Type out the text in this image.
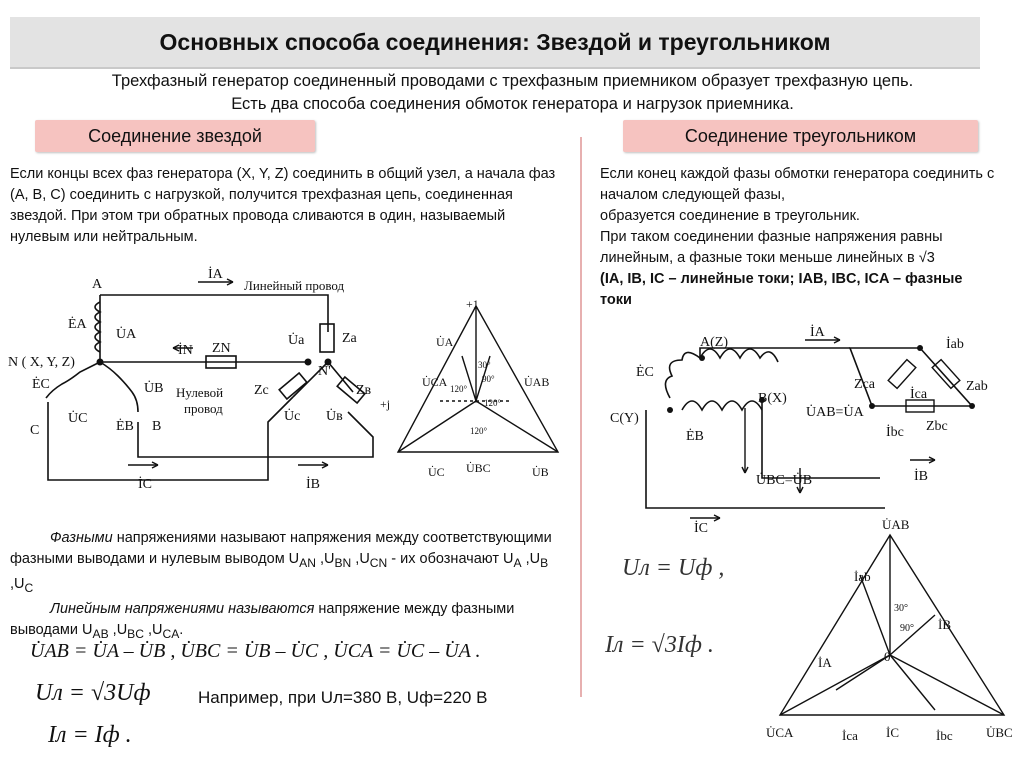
Основных способа соединения: Звездой и треугольником
Трехфазный генератор соединенный проводами с трехфазным приемником образует трехфазную цепь.
Есть два способа соединения обмоток генератора и нагрузок приемника.
Соединение звездой	Соединение треугольником
Если концы всех фаз генератора (X, Y, Z) соединить в общий узел, а начала фаз (A, B, C) соединить с нагрузкой, получится трехфазная цепь, соединенная звездой. При этом три обратных провода сливаются в один, называемый нулевым или нейтральным.
Если конец каждой фазы обмотки генератора соединить с началом следующей фазы,
образуется соединение в треугольник.
При таком соединении фазные напряжения равны линейным, а фазные токи меньше линейных в √3
(IA, IB, IC – линейные токи; IAB, IBC, ICA – фазные токи
A
İA
Линейный провод
N ( X, Y, Z)
N'
İN ZN
Нулевой
провод
ĖA
U̇A
ĖC	U̇B
U̇C
ĖB
C	B
Za
U̇a
Zc	Zв
U̇c U̇в
İC	İB
+1
+j
U̇A
U̇CA	U̇AB
U̇BC
U̇C	U̇B
30°
90°
120°
120°
120°

Фазными напряжениями называют напряжения между соответствующими фазными выводами и нулевым выводом $U_{AN}$ $,U_{BN}$ $,U_{CN}$ - их обозначают $U_A$ $,U_B$ $,U_C$

Линейным напряжениями называются напряжение между фазными выводами $U_{AB}$ $,U_{BC}$ $,U_{CA}$.

U̇AB = U̇A – U̇B , U̇BC = U̇B – U̇C , U̇CA = U̇C – U̇A .
Uл = √3Uф
Iл = Iф .
Например, при Uл=380 В, Uф=220 В
A(Z)
B(X)
C(Y)
İA
ĖC
ĖB
İab
Zab
Zca
İca
İbc Zbc
U̇AB=U̇A
U̇BC=U̇B	İB
İC	U̇AB
İab
İB
İA	0
30°
90°
U̇CA	İca İC	İbc	U̇BC
Uл = Uф ,
Iл = √3Iф .
